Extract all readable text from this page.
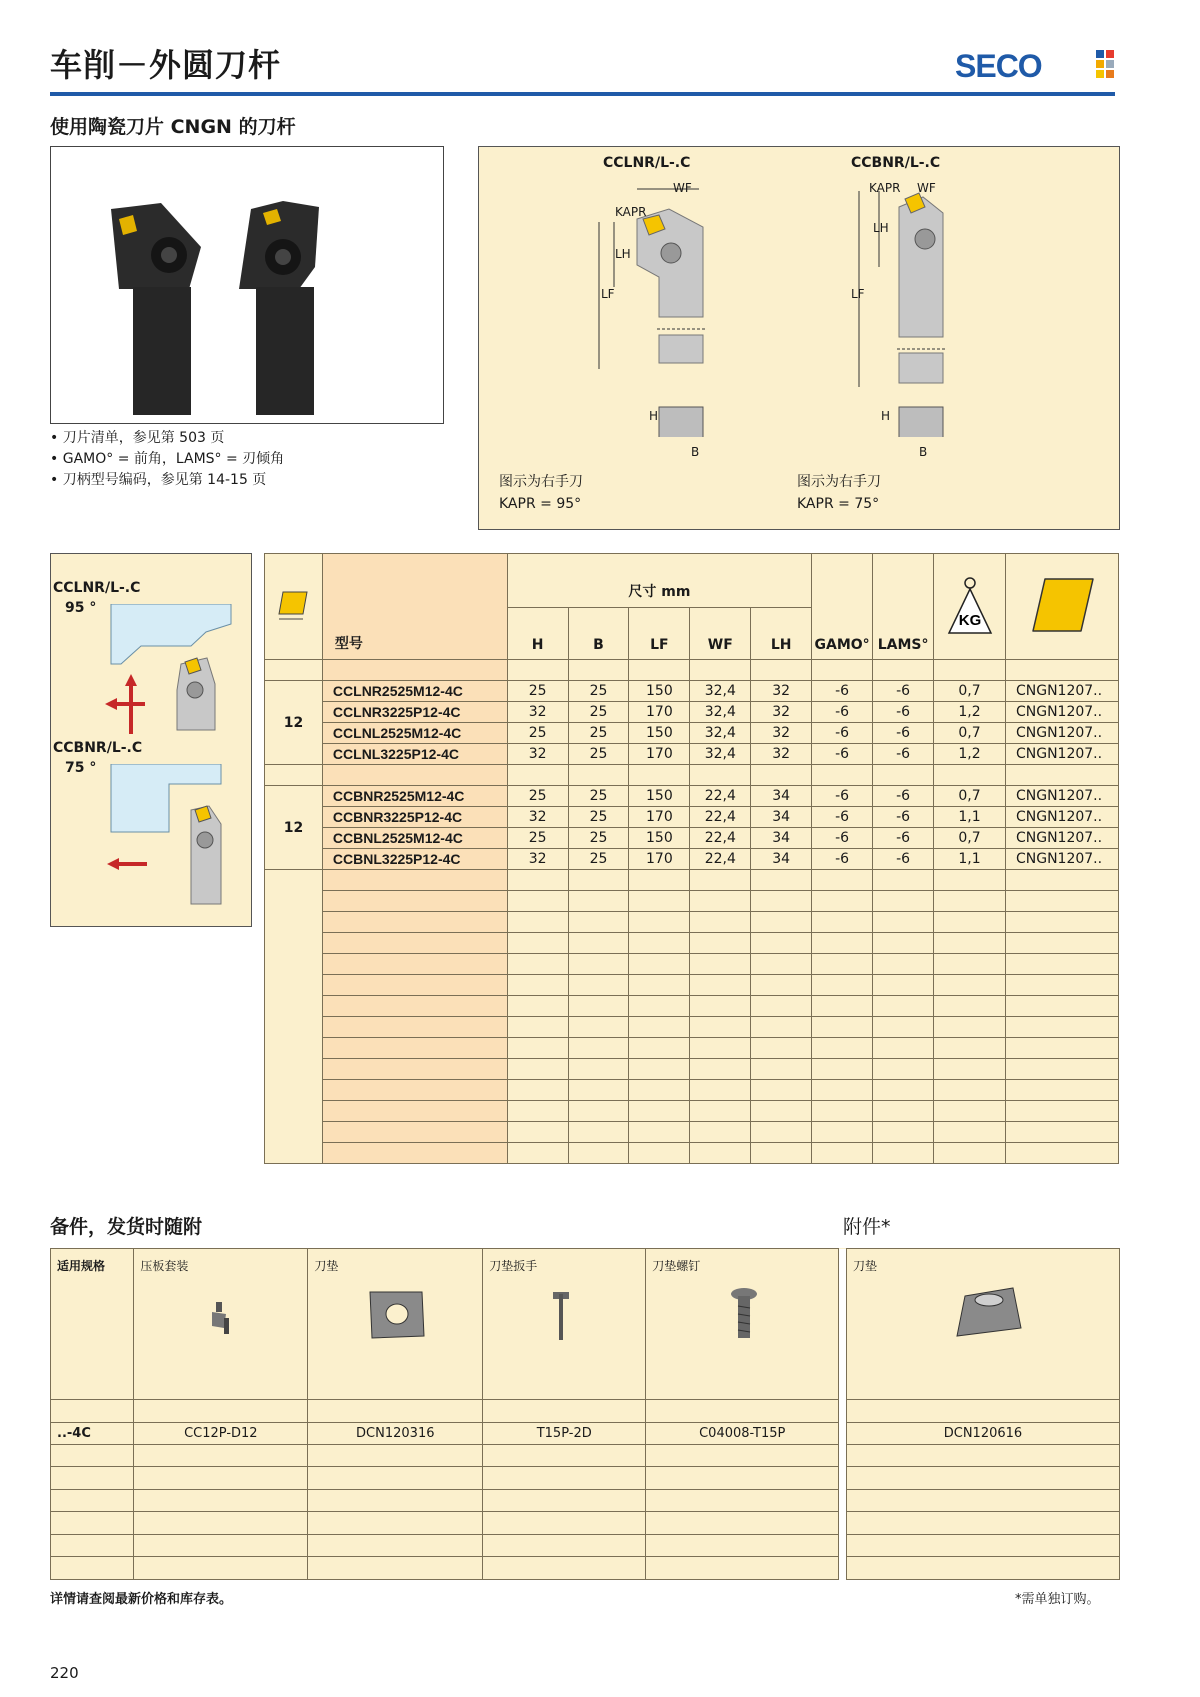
车削－外圆刀杆	SECO
使用陶瓷刀片 CNGN 的刀杆
• 刀片清单，参见第 503 页
• GAMO° = 前角，LAMS° = 刃倾角
• 刀柄型号编码，参见第 14-15 页
CCLNR/L-.C
WF
KAPR
LH
LF
H
B
图示为右手刀
KAPR = 95°
CCBNR/L-.C
KAPR WF
LH
LF
H
B
图示为右手刀
KAPR = 75°
CCLNR/L-.C
95 °
CCBNR/L-.C
75 °
	型号	尺寸 mm					GAMO°	LAMS°	KG

		H	B	LF	WF	LH				

12	CCLNR2525M12-4C	25	25	150	32,4	32	-6	-6	0,7	CNGN1207..
	CCLNR3225P12-4C	32	25	170	32,4	32	-6	-6	1,2	CNGN1207..
	CCLNL2525M12-4C	25	25	150	32,4	32	-6	-6	0,7	CNGN1207..
	CCLNL3225P12-4C	32	25	170	32,4	32	-6	-6	1,2	CNGN1207..

12	CCBNR2525M12-4C	25	25	150	22,4	34	-6	-6	0,7	CNGN1207..
	CCBNR3225P12-4C	32	25	170	22,4	34	-6	-6	1,1	CNGN1207..
	CCBNL2525M12-4C	25	25	150	22,4	34	-6	-6	0,7	CNGN1207..
	CCBNL3225P12-4C	32	25	170	22,4	34	-6	-6	1,1	CNGN1207..

备件，发货时随附	附件*
适用规格	压板套装	刀垫	刀垫扳手	刀垫螺钉		刀垫

..-4C	CC12P-D12	DCN120316	T15P-2D	C04008-T15P		DCN120616

详情请查阅最新价格和库存表。	*需单独订购。
220
